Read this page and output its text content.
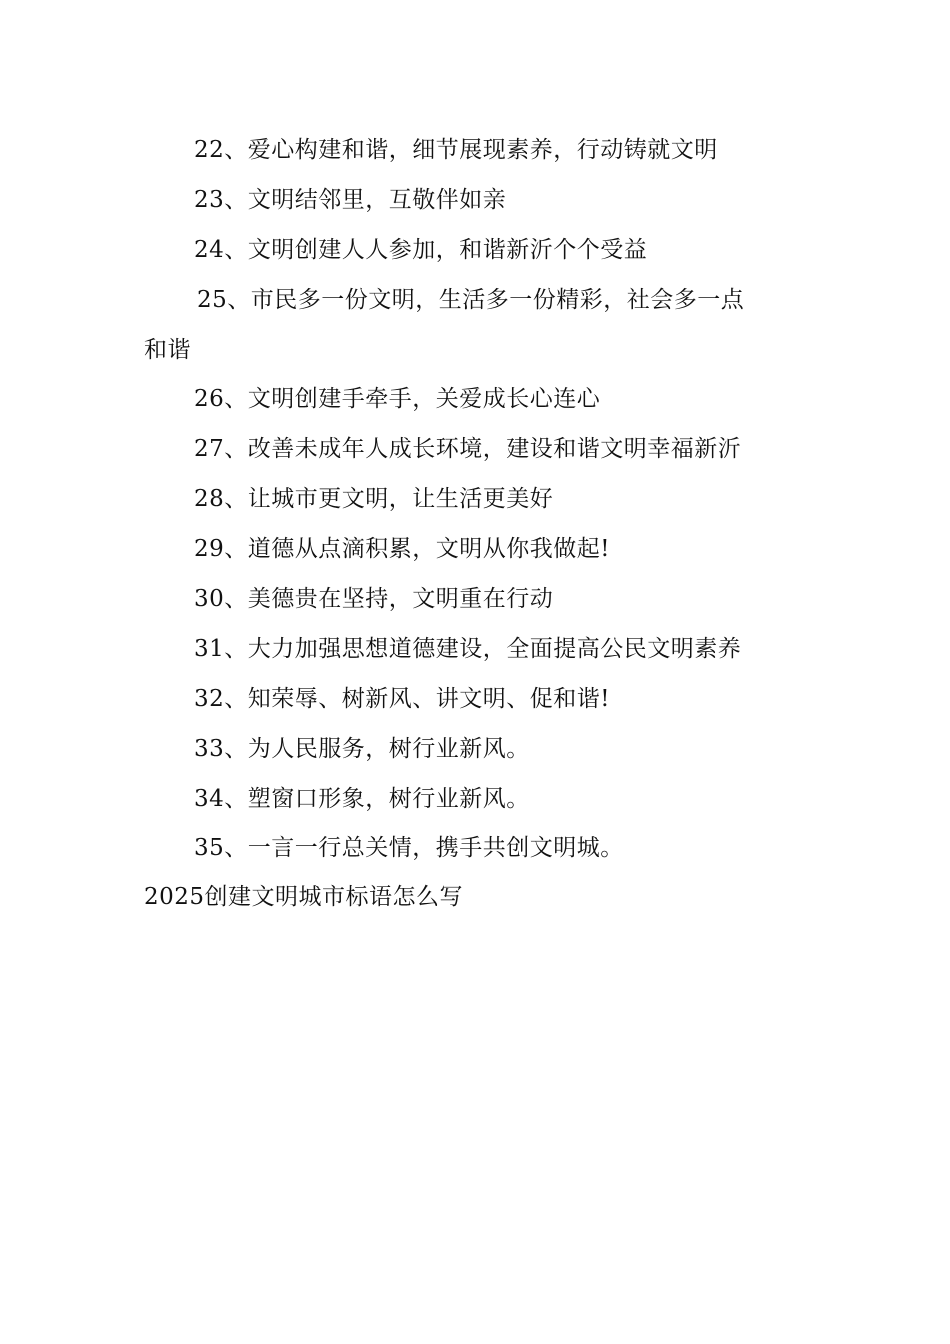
22、爱心构建和谐，细节展现素养，行动铸就文明
23、文明结邻里，互敬伴如亲
24、文明创建人人参加，和谐新沂个个受益
25、市民多一份文明，生活多一份精彩，社会多一点
和谐
26、文明创建手牵手，关爱成长心连心
27、改善未成年人成长环境，建设和谐文明幸福新沂
28、让城市更文明，让生活更美好
29、道德从点滴积累，文明从你我做起!
30、美德贵在坚持，文明重在行动
31、大力加强思想道德建设，全面提高公民文明素养
32、知荣辱、树新风、讲文明、促和谐!
33、为人民服务，树行业新风。
34、塑窗口形象，树行业新风。
35、一言一行总关情，携手共创文明城。
2025创建文明城市标语怎么写
